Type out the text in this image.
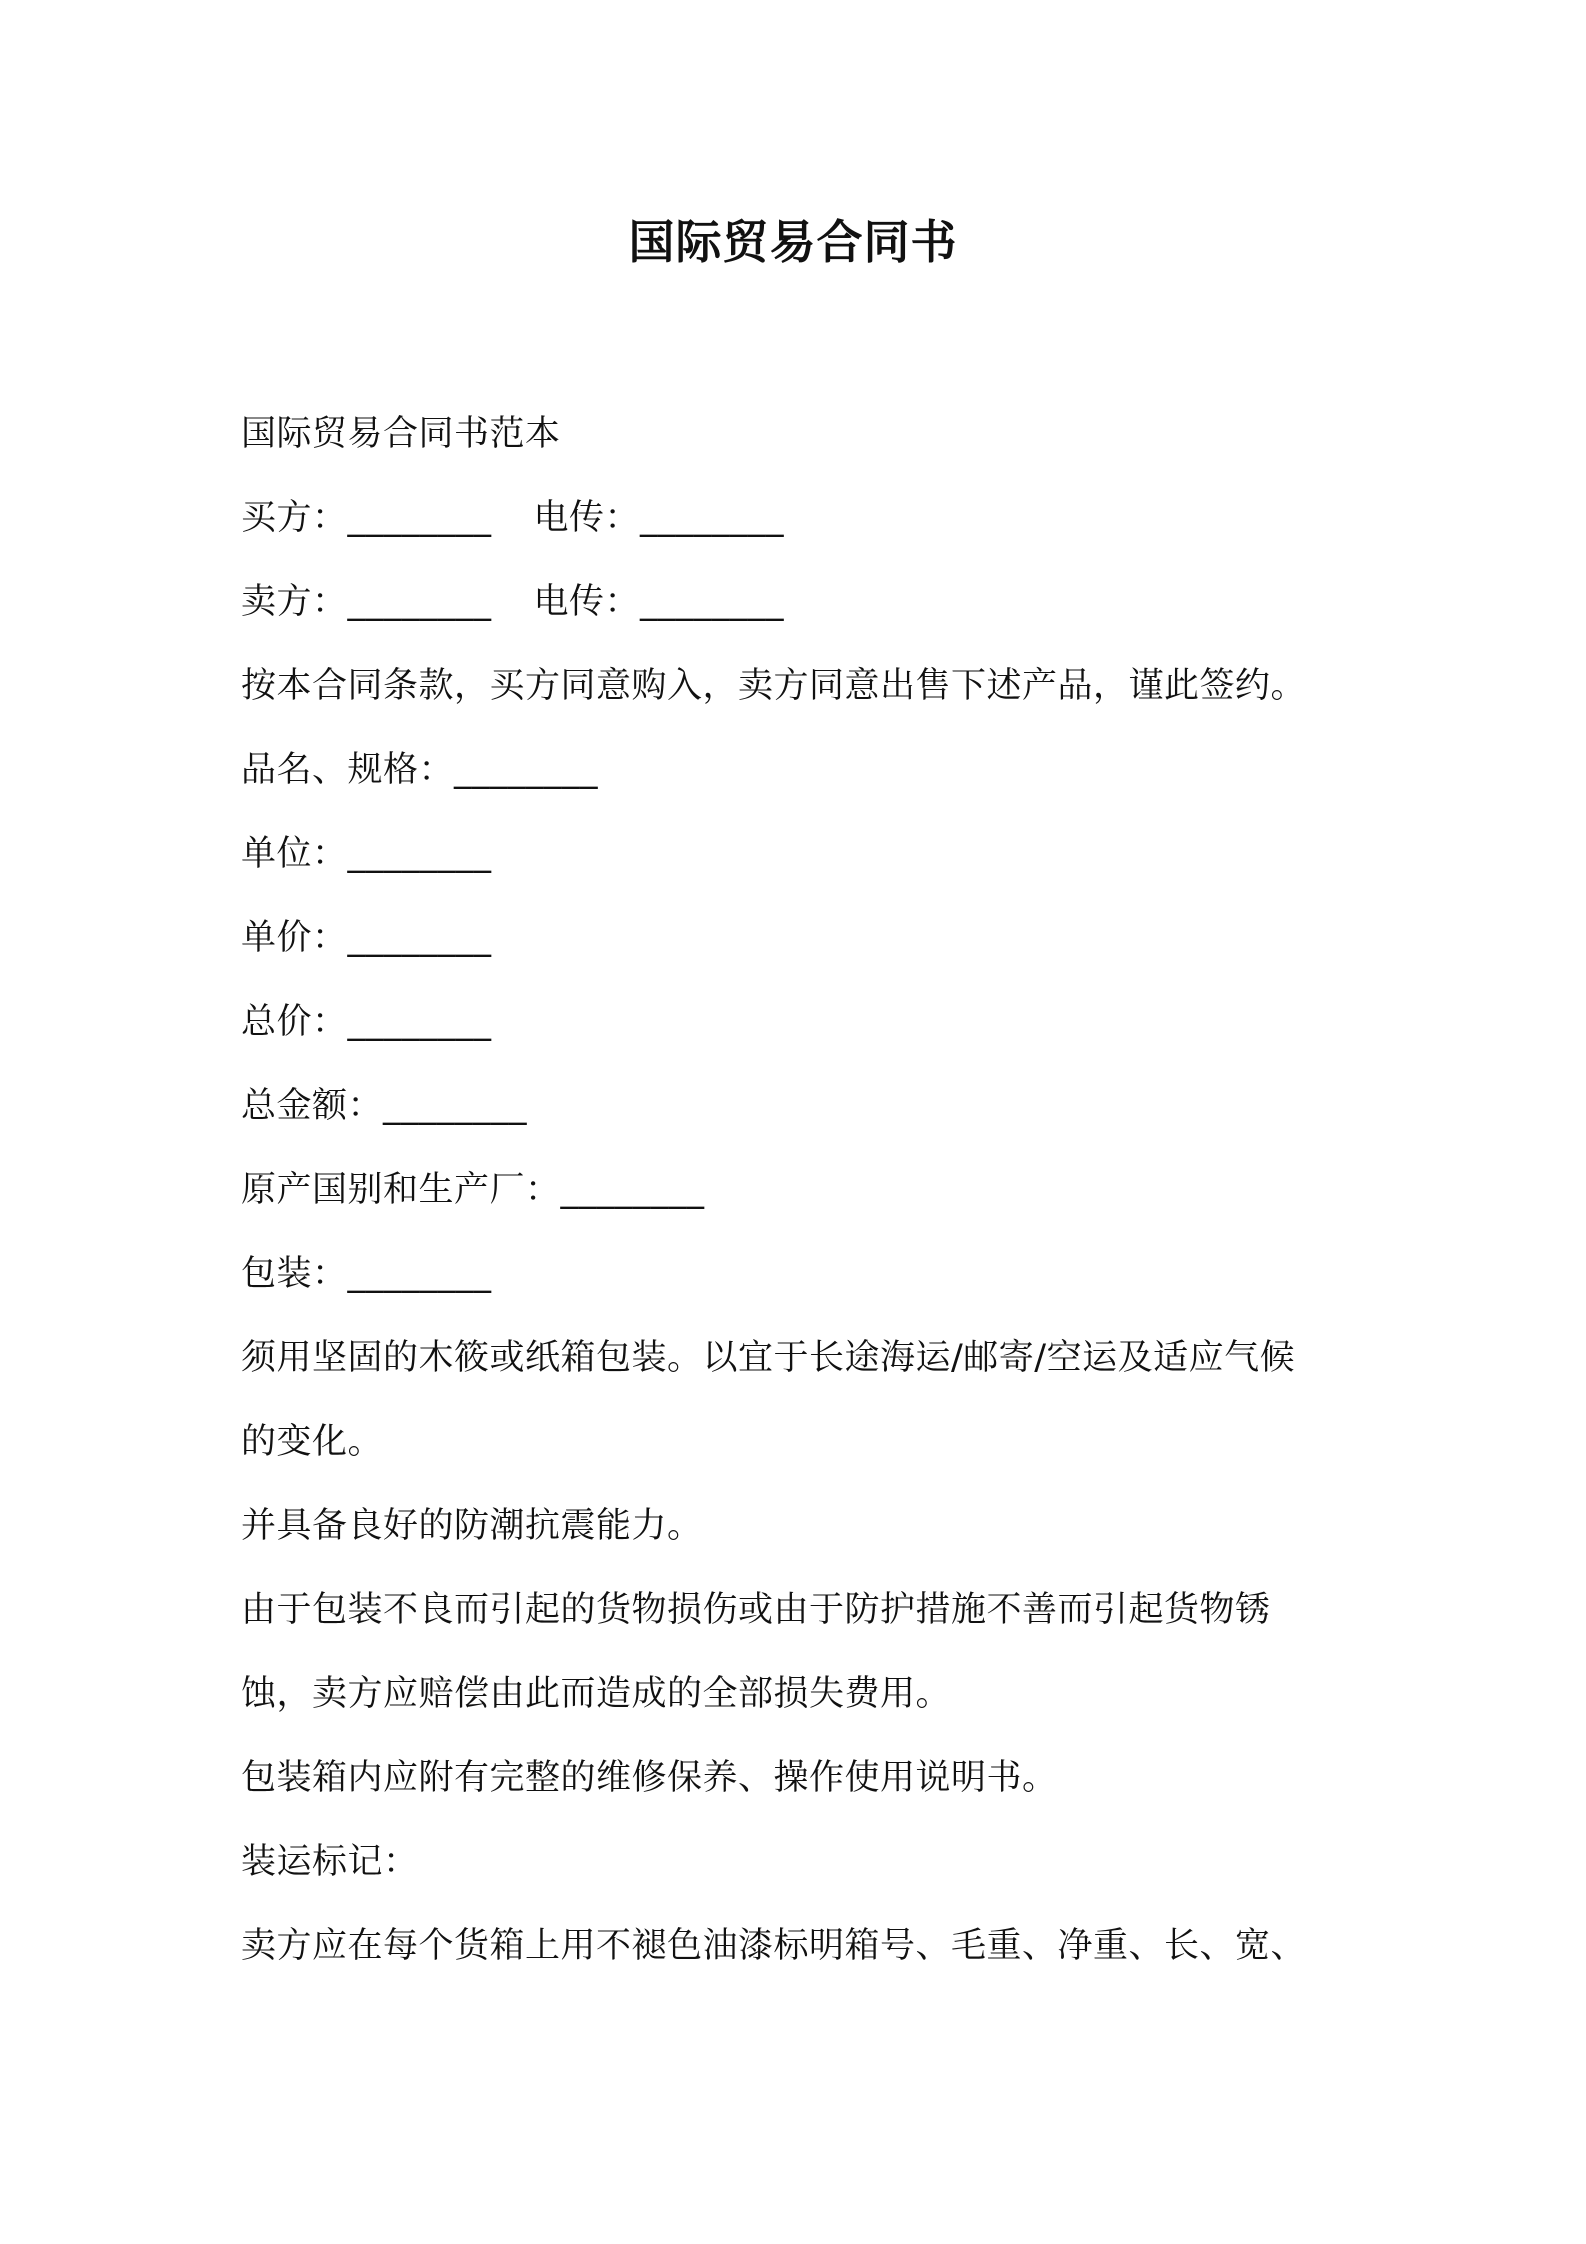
国际贸易合同书
国际贸易合同书范本
买方：________ 电传：________
卖方：________ 电传：________
按本合同条款，买方同意购入，卖方同意出售下述产品，谨此签约。
品名、规格：________
单位：________
单价：________
总价：________
总金额：________
原产国别和生产厂：________
包装：________
须用坚固的木筱或纸箱包装。以宜于长途海运/邮寄/空运及适应气候
的变化。
并具备良好的防潮抗震能力。
由于包装不良而引起的货物损伤或由于防护措施不善而引起货物锈
蚀，卖方应赔偿由此而造成的全部损失费用。
包装箱内应附有完整的维修保养、操作使用说明书。
装运标记：
卖方应在每个货箱上用不褪色油漆标明箱号、毛重、净重、长、宽、
